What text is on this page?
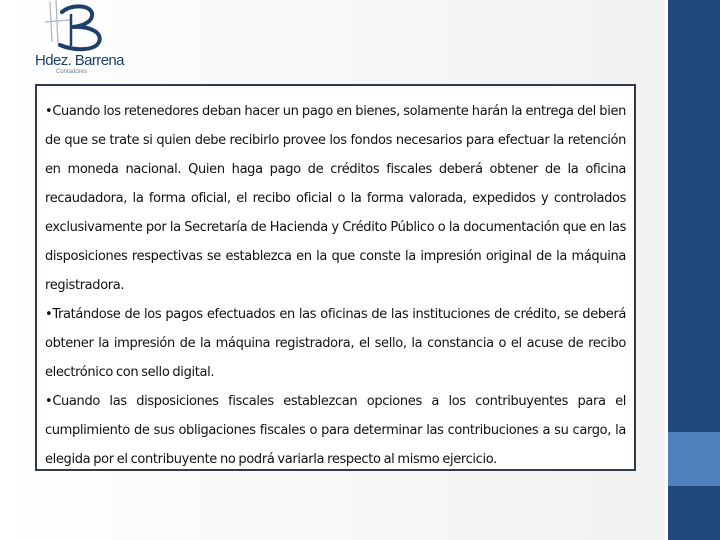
Hdez. Barrena
Contadores

•Cuando los retenedores deban hacer un pago en bienes, solamente harán la entrega del bien de que se trate si quien debe recibirlo provee los fondos necesarios para efectuar la retención en moneda nacional. Quien haga pago de créditos fiscales deberá obtener de la oficina recaudadora, la forma oficial, el recibo oficial o la forma valorada, expedidos y controlados exclusivamente por la Secretaría de Hacienda y Crédito Público o la documentación que en las disposiciones respectivas se establezca en la que conste la impresión original de la máquina registradora.

•Tratándose de los pagos efectuados en las oficinas de las instituciones de crédito, se deberá obtener la impresión de la máquina registradora, el sello, la constancia o el acuse de recibo electrónico con sello digital.

•Cuando las disposiciones fiscales establezcan opciones a los contribuyentes para el cumplimiento de sus obligaciones fiscales o para determinar las contribuciones a su cargo, la elegida por el contribuyente no podrá variarla respecto al mismo ejercicio.
